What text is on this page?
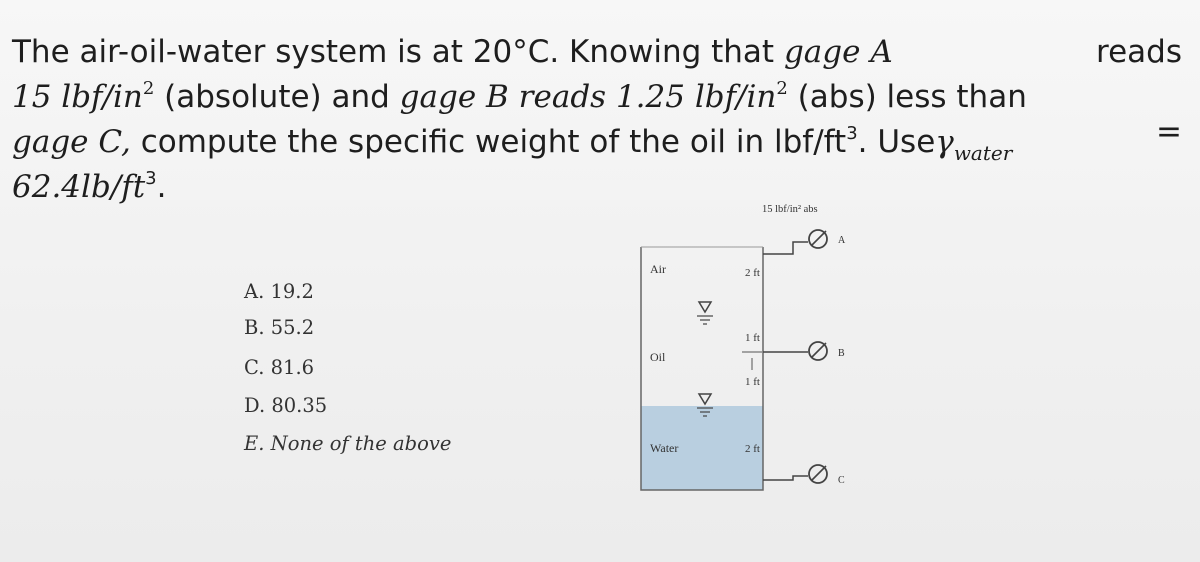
The air-oil-water system is at 20°C. Knowing that gage A	reads
15 lbf/$in^2$ (absolute) and gage B reads 1.25 lbf/$in^2$ (abs) less than
gage C, compute the specific weight of the oil in lbf/$ft^3$. Useγ$_{water}$
=
$62.4lb/ft^3$.
A. 19.2
B. 55.2
C. 81.6
D. 80.35
E. None of the above
Air
Oil
Water
2 ft
1 ft
1 ft
2 ft
15 lbf/in² abs
A
B
C
